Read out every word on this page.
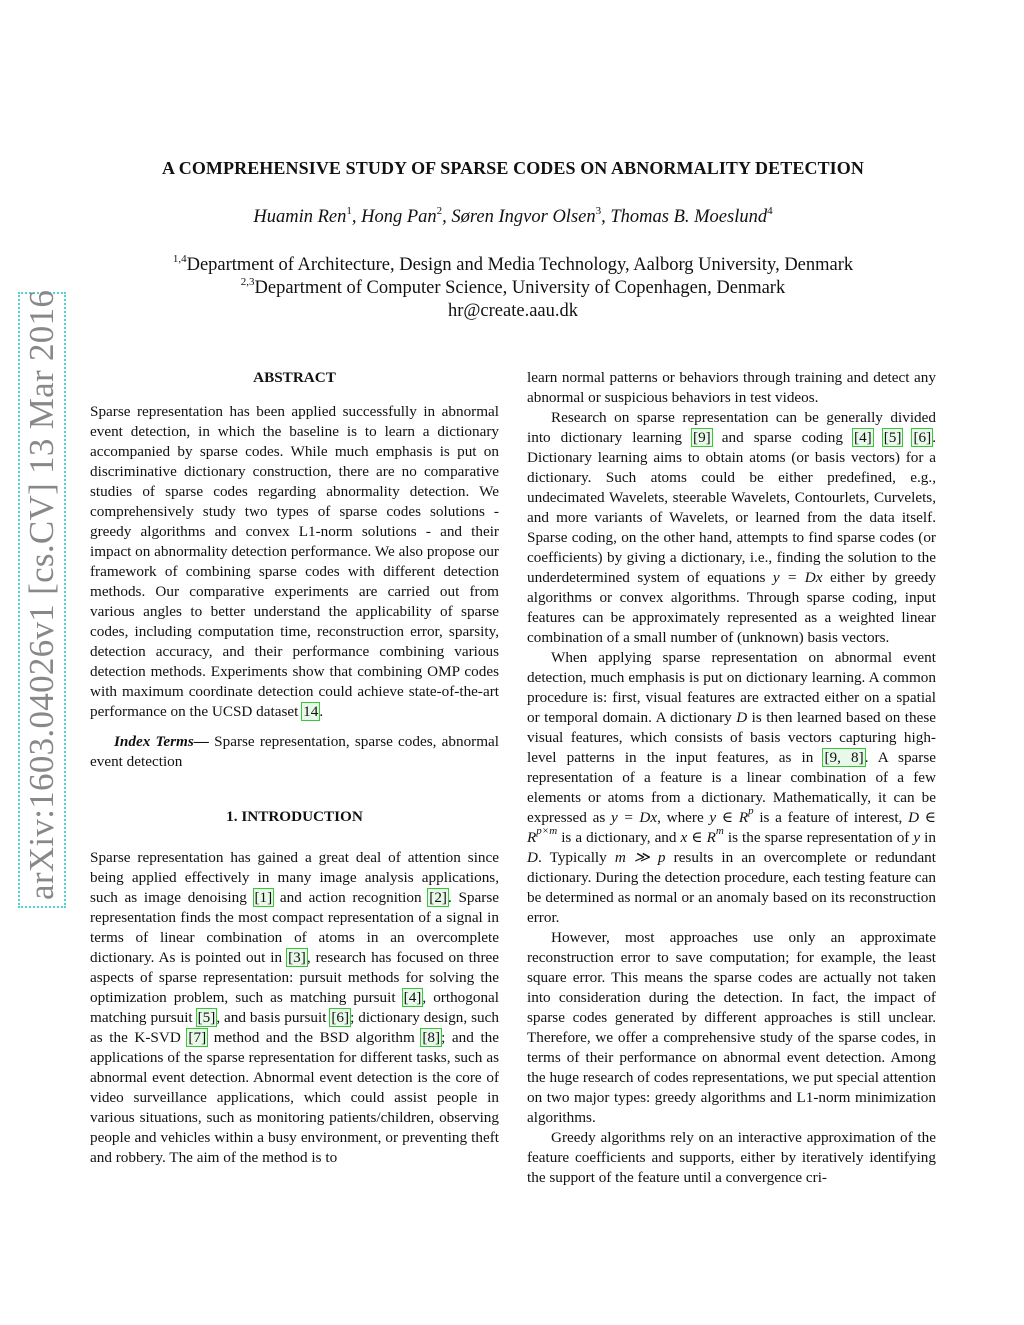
arXiv:1603.04026v1 [cs.CV] 13 Mar 2016
A COMPREHENSIVE STUDY OF SPARSE CODES ON ABNORMALITY DETECTION
Huamin Ren$^1$, Hong Pan$^2$, Søren Ingvor Olsen$^3$, Thomas B. Moeslund$^4$
$^{1,4}$Department of Architecture, Design and Media Technology, Aalborg University, Denmark
$^{2,3}$Department of Computer Science, University of Copenhagen, Denmark
hr@create.aau.dk

ABSTRACT

Sparse representation has been applied successfully in abnormal event detection, in which the baseline is to learn a dictionary accompanied by sparse codes. While much emphasis is put on discriminative dictionary construction, there are no comparative studies of sparse codes regarding abnormality detection. We comprehensively study two types of sparse codes solutions - greedy algorithms and convex L1-norm solutions - and their impact on abnormality detection performance. We also propose our framework of combining sparse codes with different detection methods. Our comparative experiments are carried out from various angles to better understand the applicability of sparse codes, including computation time, reconstruction error, sparsity, detection accuracy, and their performance combining various detection methods. Experiments show that combining OMP codes with maximum coordinate detection could achieve state-of-the-art performance on the UCSD dataset 14.

Index Terms— Sparse representation, sparse codes, abnormal event detection

1. INTRODUCTION

Sparse representation has gained a great deal of attention since being applied effectively in many image analysis applications, such as image denoising [1] and action recognition [2]. Sparse representation finds the most compact representation of a signal in terms of linear combination of atoms in an overcomplete dictionary. As is pointed out in [3], research has focused on three aspects of sparse representation: pursuit methods for solving the optimization problem, such as matching pursuit [4], orthogonal matching pursuit [5], and basis pursuit [6]; dictionary design, such as the K-SVD [7] method and the BSD algorithm [8]; and the applications of the sparse representation for different tasks, such as abnormal event detection. Abnormal event detection is the core of video surveillance applications, which could assist people in various situations, such as monitoring patients/children, observing people and vehicles within a busy environment, or preventing theft and robbery. The aim of the method is to

learn normal patterns or behaviors through training and detect any abnormal or suspicious behaviors in test videos.

Research on sparse representation can be generally divided into dictionary learning [9] and sparse coding [4] [5] [6]. Dictionary learning aims to obtain atoms (or basis vectors) for a dictionary. Such atoms could be either predefined, e.g., undecimated Wavelets, steerable Wavelets, Contourlets, Curvelets, and more variants of Wavelets, or learned from the data itself. Sparse coding, on the other hand, attempts to find sparse codes (or coefficients) by giving a dictionary, i.e., finding the solution to the underdetermined system of equations y = Dx either by greedy algorithms or convex algorithms. Through sparse coding, input features can be approximately represented as a weighted linear combination of a small number of (unknown) basis vectors.

When applying sparse representation on abnormal event detection, much emphasis is put on dictionary learning. A common procedure is: first, visual features are extracted either on a spatial or temporal domain. A dictionary D is then learned based on these visual features, which consists of basis vectors capturing high-level patterns in the input features, as in [9, 8]. A sparse representation of a feature is a linear combination of a few elements or atoms from a dictionary. Mathematically, it can be expressed as y = Dx, where y ∈ $R^p$ is a feature of interest, D ∈ $R^{p\times m}$ is a dictionary, and x ∈ $R^m$ is the sparse representation of y in D. Typically m ≫ p results in an overcomplete or redundant dictionary. During the detection procedure, each testing feature can be determined as normal or an anomaly based on its reconstruction error.

However, most approaches use only an approximate reconstruction error to save computation; for example, the least square error. This means the sparse codes are actually not taken into consideration during the detection. In fact, the impact of sparse codes generated by different approaches is still unclear. Therefore, we offer a comprehensive study of the sparse codes, in terms of their performance on abnormal event detection. Among the huge research of codes representations, we put special attention on two major types: greedy algorithms and L1-norm minimization algorithms.

Greedy algorithms rely on an interactive approximation of the feature coefficients and supports, either by iteratively identifying the support of the feature until a convergence cri-
